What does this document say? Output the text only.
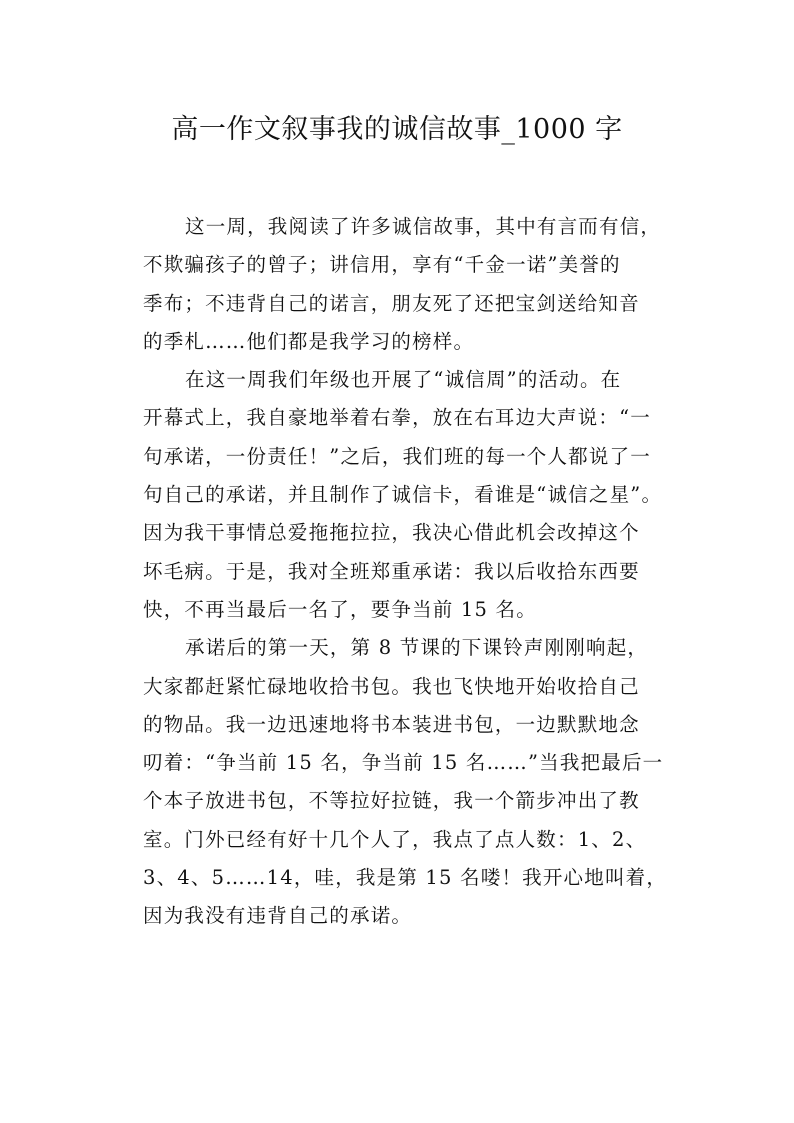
高一作文叙事我的诚信故事_1000 字
这一周，我阅读了许多诚信故事，其中有言而有信，
不欺骗孩子的曾子；讲信用，享有“千金一诺”美誉的
季布；不违背自己的诺言，朋友死了还把宝剑送给知音
的季札……他们都是我学习的榜样。
在这一周我们年级也开展了“诚信周”的活动。在
开幕式上，我自豪地举着右拳，放在右耳边大声说：“一
句承诺，一份责任！”之后，我们班的每一个人都说了一
句自己的承诺，并且制作了诚信卡，看谁是“诚信之星”。
因为我干事情总爱拖拖拉拉，我决心借此机会改掉这个
坏毛病。于是，我对全班郑重承诺：我以后收拾东西要
快，不再当最后一名了，要争当前 15 名。
承诺后的第一天，第 8 节课的下课铃声刚刚响起，
大家都赶紧忙碌地收拾书包。我也飞快地开始收拾自己
的物品。我一边迅速地将书本装进书包，一边默默地念
叨着：“争当前 15 名，争当前 15 名……”当我把最后一
个本子放进书包，不等拉好拉链，我一个箭步冲出了教
室。门外已经有好十几个人了，我点了点人数：1、2、
3、4、5……14，哇，我是第 15 名喽！我开心地叫着，
因为我没有违背自己的承诺。
